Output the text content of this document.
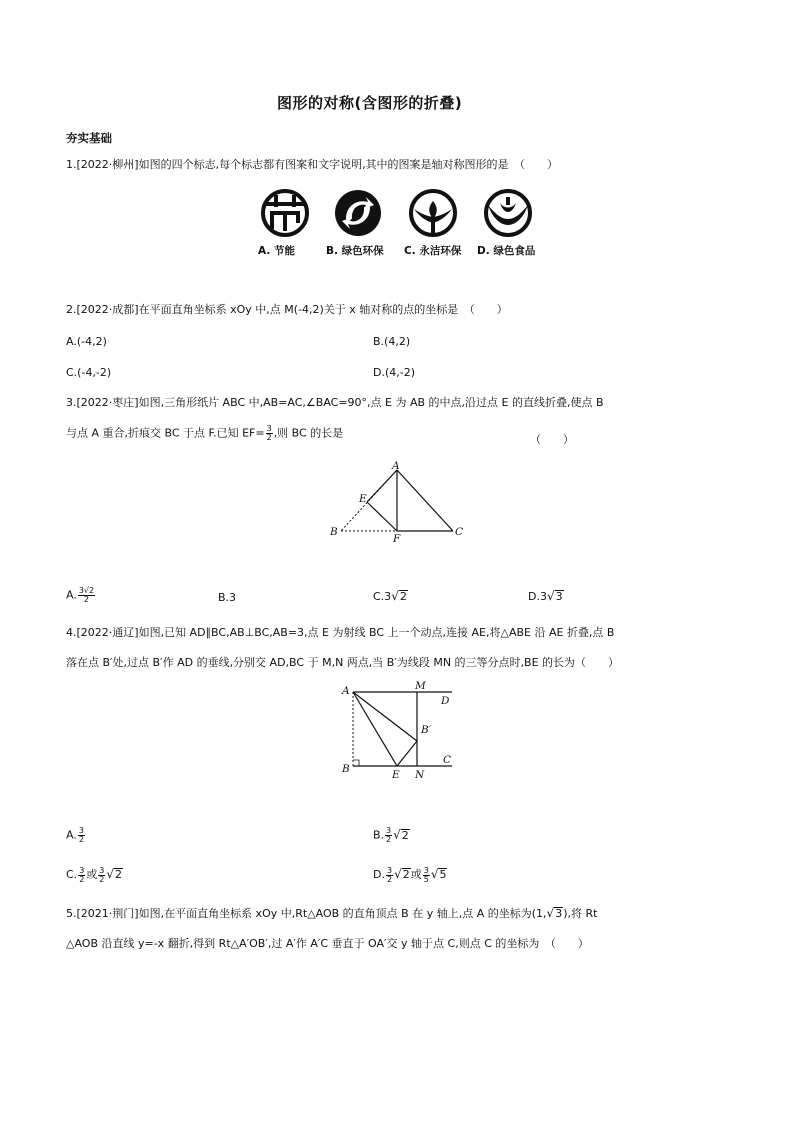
图形的对称(含图形的折叠)
夯实基础
1.[2022·柳州]如图的四个标志,每个标志都有图案和文字说明,其中的图案是轴对称图形的是　（　　）
A. 节能	B. 绿色环保 C. 永洁环保 D. 绿色食品
2.[2022·成都]在平面直角坐标系 xOy 中,点 M(-4,2)关于 x 轴对称的点的坐标是　（　　）
A.(-4,2)	B.(4,2)
C.(-4,-2)	D.(4,-2)
3.[2022·枣庄]如图,三角形纸片 ABC 中,AB=AC,∠BAC=90°,点 E 为 AB 的中点,沿过点 E 的直线折叠,使点 B
与点 A 重合,折痕交 BC 于点 F.已知 $EF= \frac{3}{2}$ ,则 BC 的长是	（　　）
A
E
B
F
C
A. $\frac{3√2}{2}$	B.3	C.3√2	D.3√3
4.[2022·通辽]如图,已知 AD∥BC,AB⊥BC,AB=3,点 E 为射线 BC 上一个动点,连接 AE,将△ABE 沿 AE 折叠,点 B
落在点 B′处,过点 B′作 AD 的垂线,分别交 AD,BC 于 M,N 两点,当 B′为线段 MN 的三等分点时,BE 的长为（　　）
A	M
D
B′
B	E N
C
A. $\frac{3}{2}$	B. $\frac{3}{2} √2$
C. $\frac{3}{2}$ 或 $\frac{3}{2} √2$	D. $\frac{3}{2} √2$或 $\frac{3}{5} √5$
5.[2021·荆门]如图,在平面直角坐标系 xOy 中,Rt△AOB 的直角顶点 B 在 y 轴上,点 A 的坐标为(1,√3),将 Rt
△AOB 沿直线 y=-x 翻折,得到 Rt△A′OB′,过 A′作 A′C 垂直于 OA′交 y 轴于点 C,则点 C 的坐标为　（　　）
